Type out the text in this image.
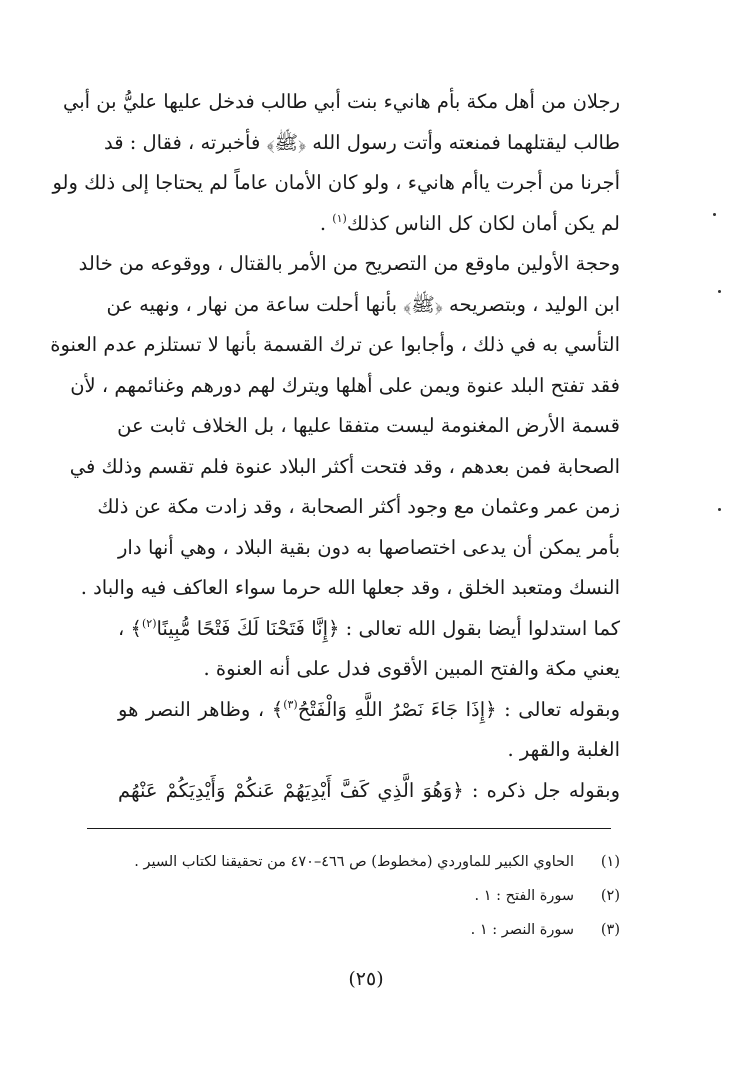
رجلان من أهل مكة بأم هانيء بنت أبي طالب فدخل عليها عليُّ بن أبي
طالب ليقتلهما فمنعته وأتت رسول الله ﴿ﷺ﴾ فأخبرته ، فقال : قد
أجرنا من أجرت ياأم هانيء ، ولو كان الأمان عاماً لم يحتاجا إلى ذلك ولو
لم يكن أمان لكان كل الناس كذلك$^{(١)}$ .
وحجة الأولين ماوقع من التصريح من الأمر بالقتال ، ووقوعه من خالد
ابن الوليد ، وبتصريحه ﴿ﷺ﴾ بأنها أحلت ساعة من نهار ، ونهيه عن
التأسي به في ذلك ، وأجابوا عن ترك القسمة بأنها لا تستلزم عدم العنوة
فقد تفتح البلد عنوة ويمن على أهلها ويترك لهم دورهم وغنائمهم ، لأن
قسمة الأرض المغنومة ليست متفقا عليها ، بل الخلاف ثابت عن
الصحابة فمن بعدهم ، وقد فتحت أكثر البلاد عنوة فلم تقسم وذلك في
زمن عمر وعثمان مع وجود أكثر الصحابة ، وقد زادت مكة عن ذلك
بأمر يمكن أن يدعى اختصاصها به دون بقية البلاد ، وهي أنها دار
النسك ومتعبد الخلق ، وقد جعلها الله حرما سواء العاكف فيه والباد .
كما استدلوا أيضا بقول الله تعالى : ﴿إِنَّا فَتَحْنَا لَكَ فَتْحًا مُّبِينًا$^{(٢)}$﴾ ،
يعني مكة والفتح المبين الأقوى فدل على أنه العنوة .
وبقوله تعالى : ﴿إِذَا جَاءَ نَصْرُ اللَّهِ وَالْفَتْحُ$^{(٣)}$﴾ ، وظاهر النصر هو
الغلبة والقهر .
وبقوله جل ذكره : ﴿وَهُوَ الَّذِي كَفَّ أَيْدِيَهُمْ عَنكُمْ وَأَيْدِيَكُمْ عَنْهُم
(١)
الحاوي الكبير للماوردي (مخطوط) ص ٤٦٦–٤٧٠ من تحقيقنا لكتاب السير .
(٢)
سورة الفتح : ١ .
(٣)
سورة النصر : ١ .
(٢٥)
